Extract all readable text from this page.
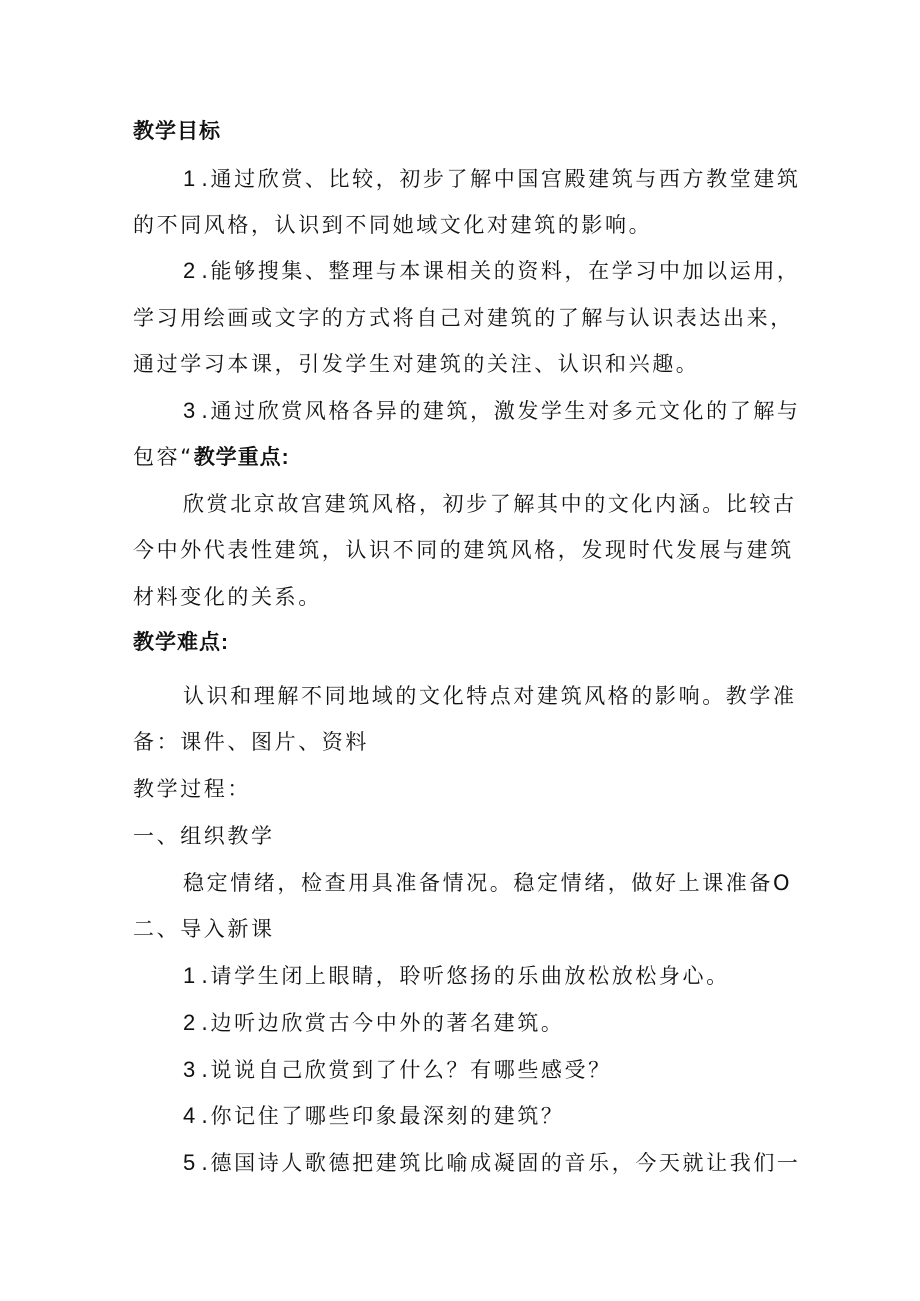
教学目标
1 .通过欣赏、比较，初步了解中国宫殿建筑与西方教堂建筑
的不同风格，认识到不同她域文化对建筑的影响。
2 .能够搜集、整理与本课相关的资料，在学习中加以运用，
学习用绘画或文字的方式将自己对建筑的了解与认识表达出来，
通过学习本课，引发学生对建筑的关注、认识和兴趣。
3 .通过欣赏风格各异的建筑，激发学生对多元文化的了解与
包容“教学重点:
欣赏北京故宫建筑风格，初步了解其中的文化内涵。比较古
今中外代表性建筑，认识不同的建筑风格，发现时代发展与建筑
材料变化的关系。
教学难点:
认识和理解不同地域的文化特点对建筑风格的影响。教学准
备：课件、图片、资料
教学过程：
一、组织教学
稳定情绪，检查用具准备情况。稳定情绪，做好上课准备O
二、导入新课
1 .请学生闭上眼睛，聆听悠扬的乐曲放松放松身心。
2 .边听边欣赏古今中外的著名建筑。
3 .说说自己欣赏到了什么？有哪些感受？
4 .你记住了哪些印象最深刻的建筑？
5 .德国诗人歌德把建筑比喻成凝固的音乐，今天就让我们一
